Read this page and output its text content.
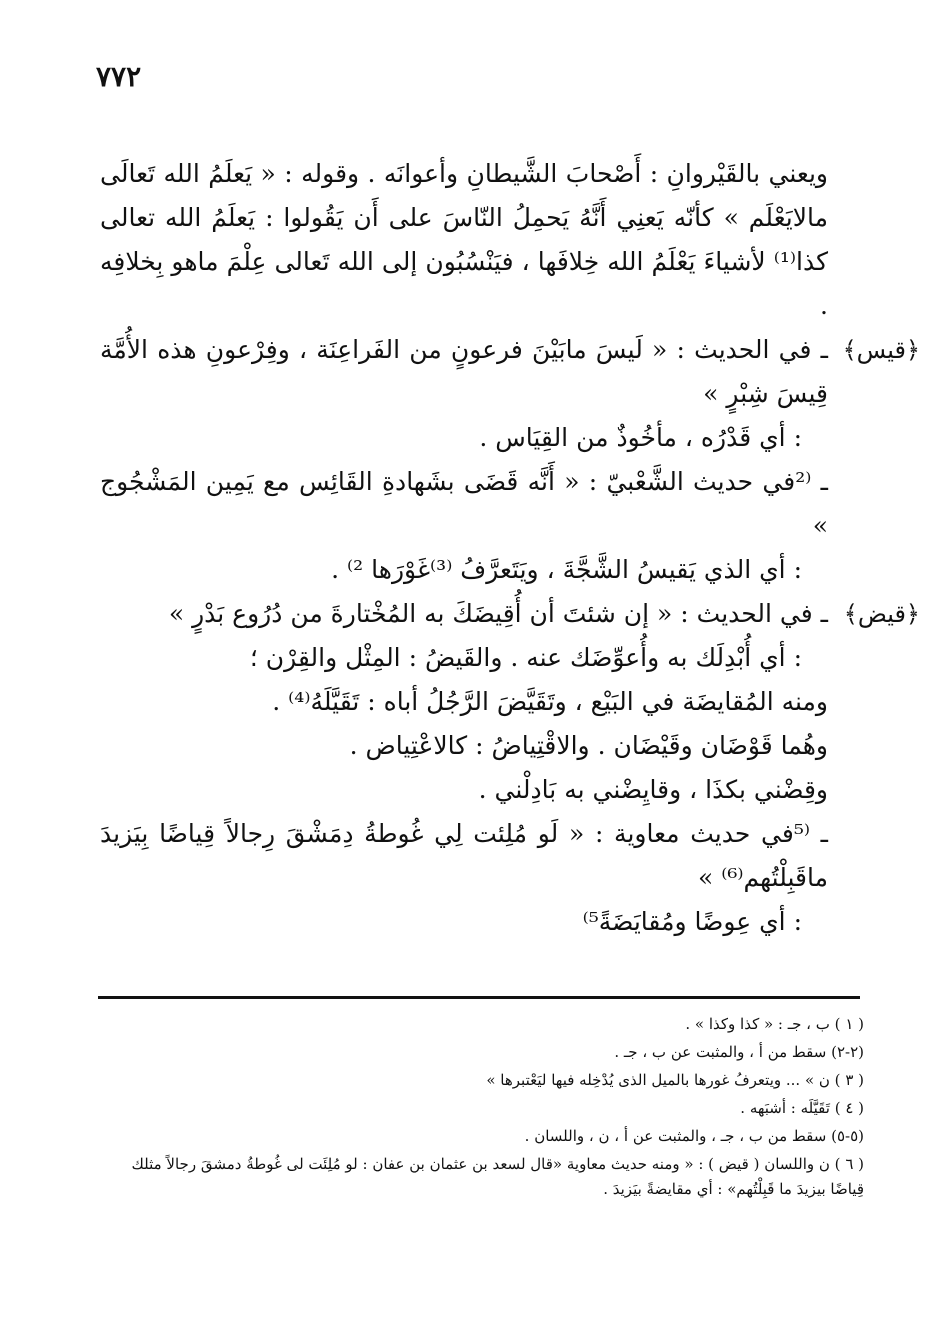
٧٧٢

ويعني بالقَيْروانِ : أَصْحابَ الشَّيطانِ وأعوانَه . وقوله : « يَعلَمُ الله تَعالَى مالايَعْلَم » كأنّه يَعنِي أَنَّهُ يَحمِلُ النّاسَ على أَن يَقُولوا : يَعلَمُ الله تعالى كذا⁽¹⁾ لأشياءَ يَعْلَمُ الله خِلافَها ، فيَنْسُبُون إلى الله تَعالى عِلْمَ ماهو بِخلافِه .

﴿قيس﴾

ـ في الحديث : « لَيسَ مابَيْنَ فرعونٍ من الفَراعِنَة ، وفِرْعونِ هذه الأُمَّة قِيسَ شِبْرٍ »

: أي قَدْرُه ، مأخُوذٌ من القِيَاس .

ـ ⁽²في حديث الشَّعْبيّ : « أَنَّه قَضَى بشَهادةِ القَائِس مع يَمِين المَشْجُوج »

: أي الذي يَقيسُ الشَّجَّةَ ، ويَتَعرَّفُ ⁽³⁾غَوْرَها ²⁾ .

﴿قيض﴾

ـ في الحديث : « إن شئتَ أن أُقِيضَكَ به المُخْتارةَ من دُرُوع بَدْرٍ »

: أي أُبْدِلَك به وأُعوِّضَك عنه . والقَيضُ : المِثْل والقِرْن ؛

ومنه المُقايضَة في البَيْع ، وتَقَيَّضَ الرَّجُلُ أباه : تَقَيَّلَهُ⁽⁴⁾ .

وهُما قَوْضَان وقَيْضَان . والاقْتِياضُ : كالاعْتِياض .

وقِضْني بكذَا ، وقايِضْني به بَادِلْني .

ـ ⁽⁵في حديث معاوية : « لَو مُلِئت لِي غُوطةُ دِمَشْقَ رِجالاً قِياضًا بِيَزيدَ ماقَبِلْتُهم⁽⁶⁾ »

: أي عِوضًا ومُقايَضَةً⁵⁾

( ١ ) ب ، جـ : « كذا وكذا » .

(٢-٢) سقط من أ ، والمثبت عن ب ، جـ .

( ٣ ) ن » ... ويتعرفُ غورها بالميل الذى يُدْخِله فيها ليَعْتبرها »

( ٤ ) تَقَيَّلَه : أشبَهه .

(٥-٥) سقط من ب ، جـ ، والمثبت عن أ ، ن ، واللسان .

( ٦ ) ن واللسان ( قيض ) : « ومنه حديث معاوية «قال لسعد بن عثمان بن عفان : لو مُلِئَت لى غُوطةُ دمشقَ رجالاً مثلك قِياضًا بيزيدَ ما قَبِلْتُهم» : أي مقايضةً بيَزيدَ .
